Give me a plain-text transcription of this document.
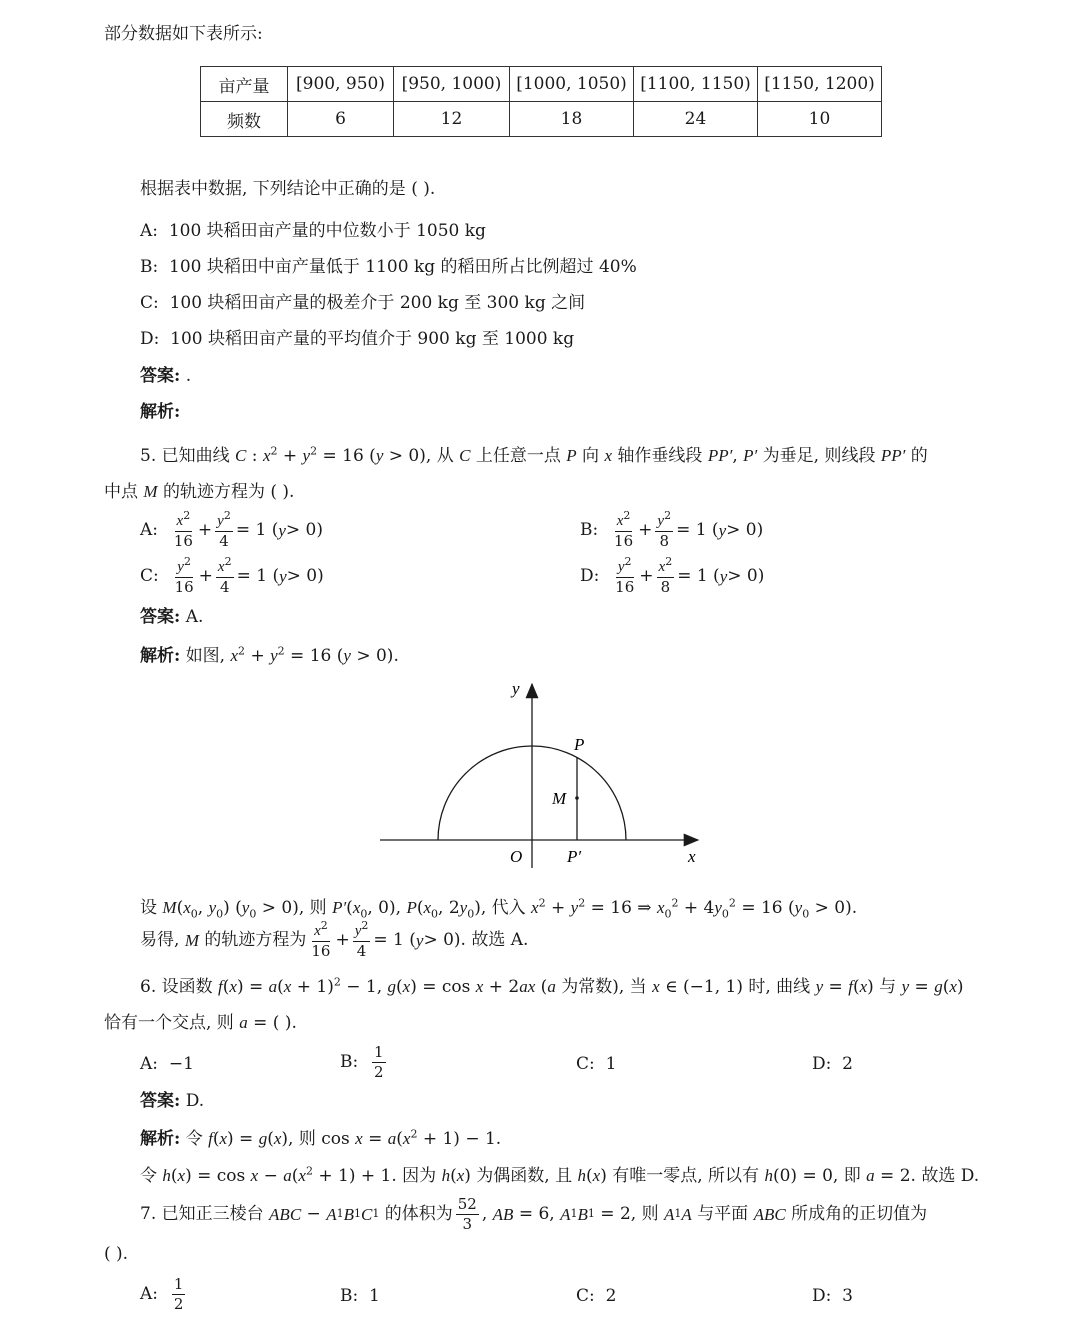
部分数据如下表所示:
亩产量	[900, 950)	[950, 1000)	[1000, 1050)	[1100, 1150)	[1150, 1200)
频数	6	12	18	24	10
根据表中数据, 下列结论中正确的是 ( ).
A: 100 块稻田亩产量的中位数小于 1050 kg
B: 100 块稻田中亩产量低于 1100 kg 的稻田所占比例超过 40%
C: 100 块稻田亩产量的极差介于 200 kg 至 300 kg 之间
D: 100 块稻田亩产量的平均值介于 900 kg 至 1000 kg
答案: .
解析:
5. 已知曲线 C : $x^2 + y^2 = 16$ (y > 0), 从 C 上任意一点 P 向 x 轴作垂线段 PP′, P′ 为垂足, 则线段 PP′ 的
中点 M 的轨迹方程为 ( ).
A:
$\frac{x^2}{16} + \frac{y^2}{4} = 1$ ( y > 0)	B:
$\frac{x^2}{16} + \frac{y^2}{8} = 1$ ( y > 0)
C:
$\frac{y^2}{16} + \frac{x^2}{4} = 1$ ( y > 0)	D:
$\frac{y^2}{16} + \frac{x^2}{8} = 1$ ( y > 0)
答案: A.
解析: 如图, $x^2 + y^2 = 16$ (y > 0).
y
x
O
P
M
P′
设 $M(x_0$, $y_0$) $(y_0 > 0)$, 则 $P'(x_0$, 0), $P(x_0$, $2y_0$), 代入 $x^2 + y^2 = 16$ ⇒ $x_0^2 + 4y_0^2 = 16$ $(y_0 > 0)$.
易得,
M
的轨迹方程为 $\frac{x^2}{16} + \frac{y^2}{4} = 1$ ( y > 0). 故选 A.
6. 设函数 $f(x) = a(x + 1)^2 - 1$, g(x) = cos x + 2ax (a 为常数), 当 x ∈ (−1, 1) 时, 曲线 y = f(x) 与 y = g(x)
恰有一个交点, 则 a = ( ).
A: −1	B:
$\frac{1}{2}$	C: 1	D: 2
答案: D.
解析: 令 f(x) = g(x), 则 $\cos x = a(x^2 + 1) - 1$.
令 $h(x) = \cos x - a(x^2 + 1) + 1$. 因为 h(x) 为偶函数, 且 h(x) 有唯一零点, 所以有 h(0) = 0, 即 a = 2. 故选 D.
7.
已知正三棱台
ABC − A 1 B 1 C 1
的体积为 $\frac{52}{3}$ , AB = 6, A 1 B 1 = 2, 则
A 1 A
与平面
ABC
所成角的正切值为
( ).
A:
$\frac{1}{2}$	B: 1	C: 2	D: 3
